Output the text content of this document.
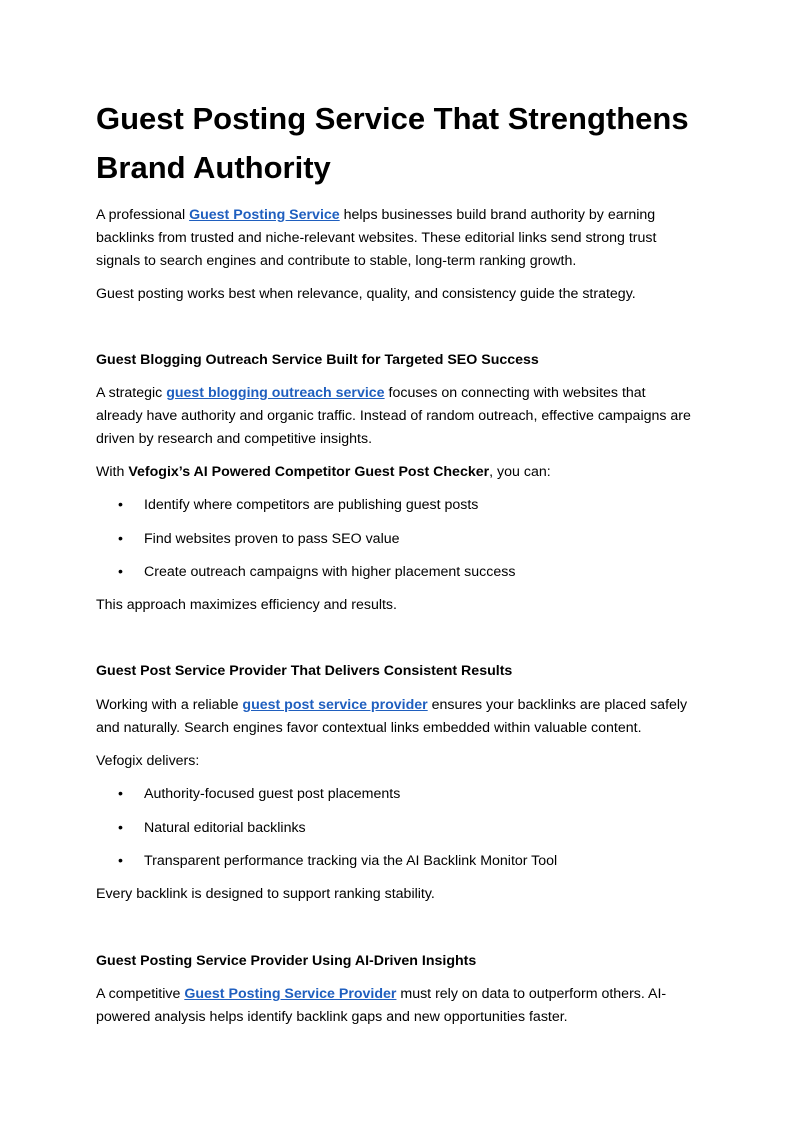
Guest Posting Service That Strengthens Brand Authority

A professional Guest Posting Service helps businesses build brand authority by earning backlinks from trusted and niche-relevant websites. These editorial links send strong trust signals to search engines and contribute to stable, long-term ranking growth.

Guest posting works best when relevance, quality, and consistency guide the strategy.

Guest Blogging Outreach Service Built for Targeted SEO Success

A strategic guest blogging outreach service focuses on connecting with websites that already have authority and organic traffic. Instead of random outreach, effective campaigns are driven by research and competitive insights.

With Vefogix’s AI Powered Competitor Guest Post Checker, you can:

• Identify where competitors are publishing guest posts
• Find websites proven to pass SEO value
• Create outreach campaigns with higher placement success

This approach maximizes efficiency and results.

Guest Post Service Provider That Delivers Consistent Results

Working with a reliable guest post service provider ensures your backlinks are placed safely and naturally. Search engines favor contextual links embedded within valuable content.

Vefogix delivers:

• Authority-focused guest post placements
• Natural editorial backlinks
• Transparent performance tracking via the AI Backlink Monitor Tool

Every backlink is designed to support ranking stability.

Guest Posting Service Provider Using AI-Driven Insights

A competitive Guest Posting Service Provider must rely on data to outperform others. AI-powered analysis helps identify backlink gaps and new opportunities faster.
